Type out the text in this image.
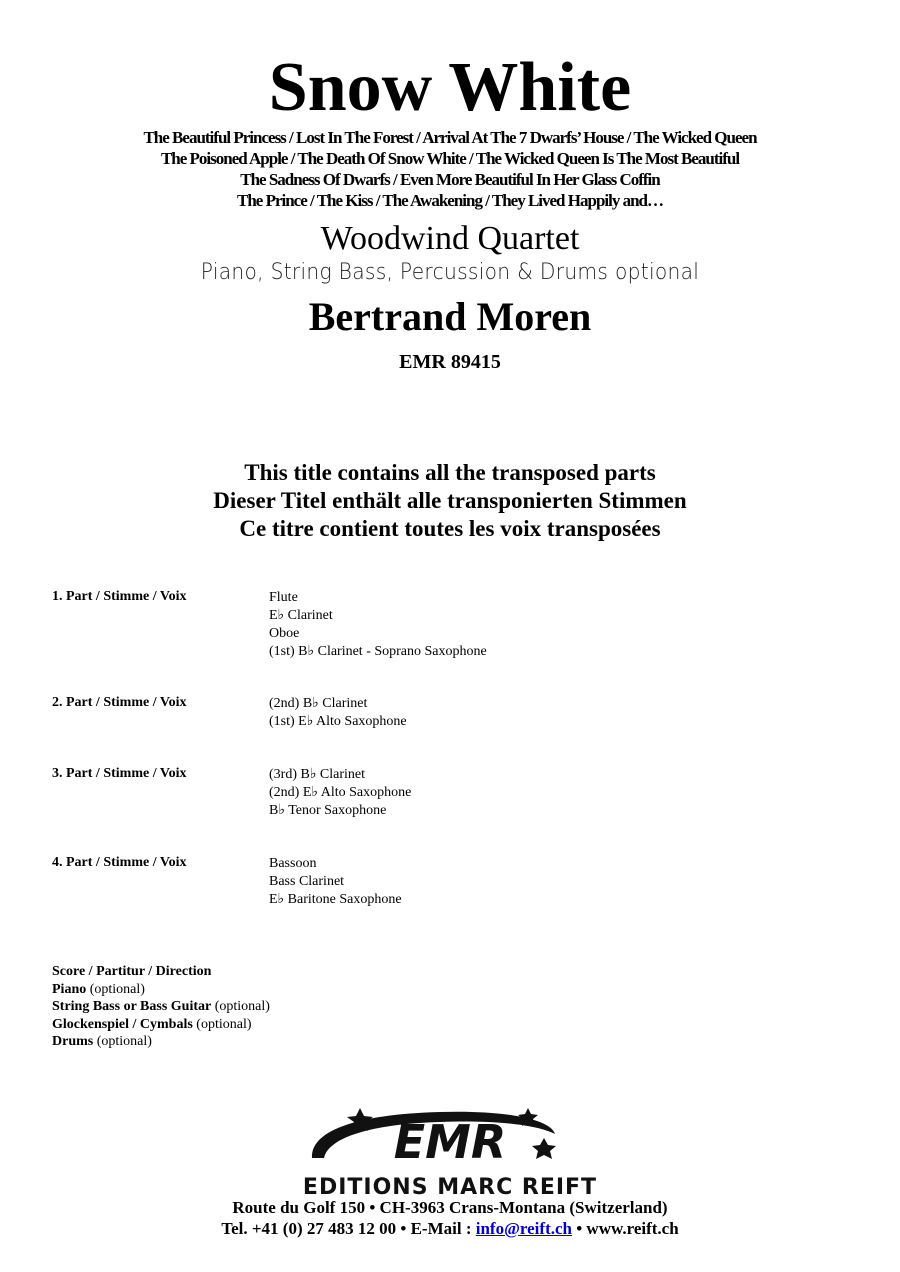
Snow White
The Beautiful Princess / Lost In The Forest / Arrival At The 7 Dwarfs’ House / The Wicked Queen
The Poisoned Apple / The Death Of Snow White / The Wicked Queen Is The Most Beautiful
The Sadness Of Dwarfs / Even More Beautiful In Her Glass Coffin
The Prince / The Kiss / The Awakening / They Lived Happily and…
Woodwind Quartet
Piano, String Bass, Percussion & Drums optional
Bertrand Moren
EMR 89415
This title contains all the transposed parts
Dieser Titel enthält alle transponierten Stimmen
Ce titre contient toutes les voix transposées
1. Part / Stimme / Voix	Flute
E♭ Clarinet
Oboe
(1st) B♭ Clarinet - Soprano Saxophone
2. Part / Stimme / Voix	(2nd) B♭ Clarinet
(1st) E♭ Alto Saxophone
3. Part / Stimme / Voix	(3rd) B♭ Clarinet
(2nd) E♭ Alto Saxophone
B♭ Tenor Saxophone
4. Part / Stimme / Voix	Bassoon
Bass Clarinet
E♭ Baritone Saxophone
Score / Partitur / Direction
Piano (optional)
String Bass or Bass Guitar (optional)
Glockenspiel / Cymbals (optional)
Drums (optional)
EMR
EDITIONS MARC REIFT
Route du Golf 150 • CH-3963 Crans-Montana (Switzerland)
Tel. +41 (0) 27 483 12 00 • E-Mail : info@reift.ch • www.reift.ch
